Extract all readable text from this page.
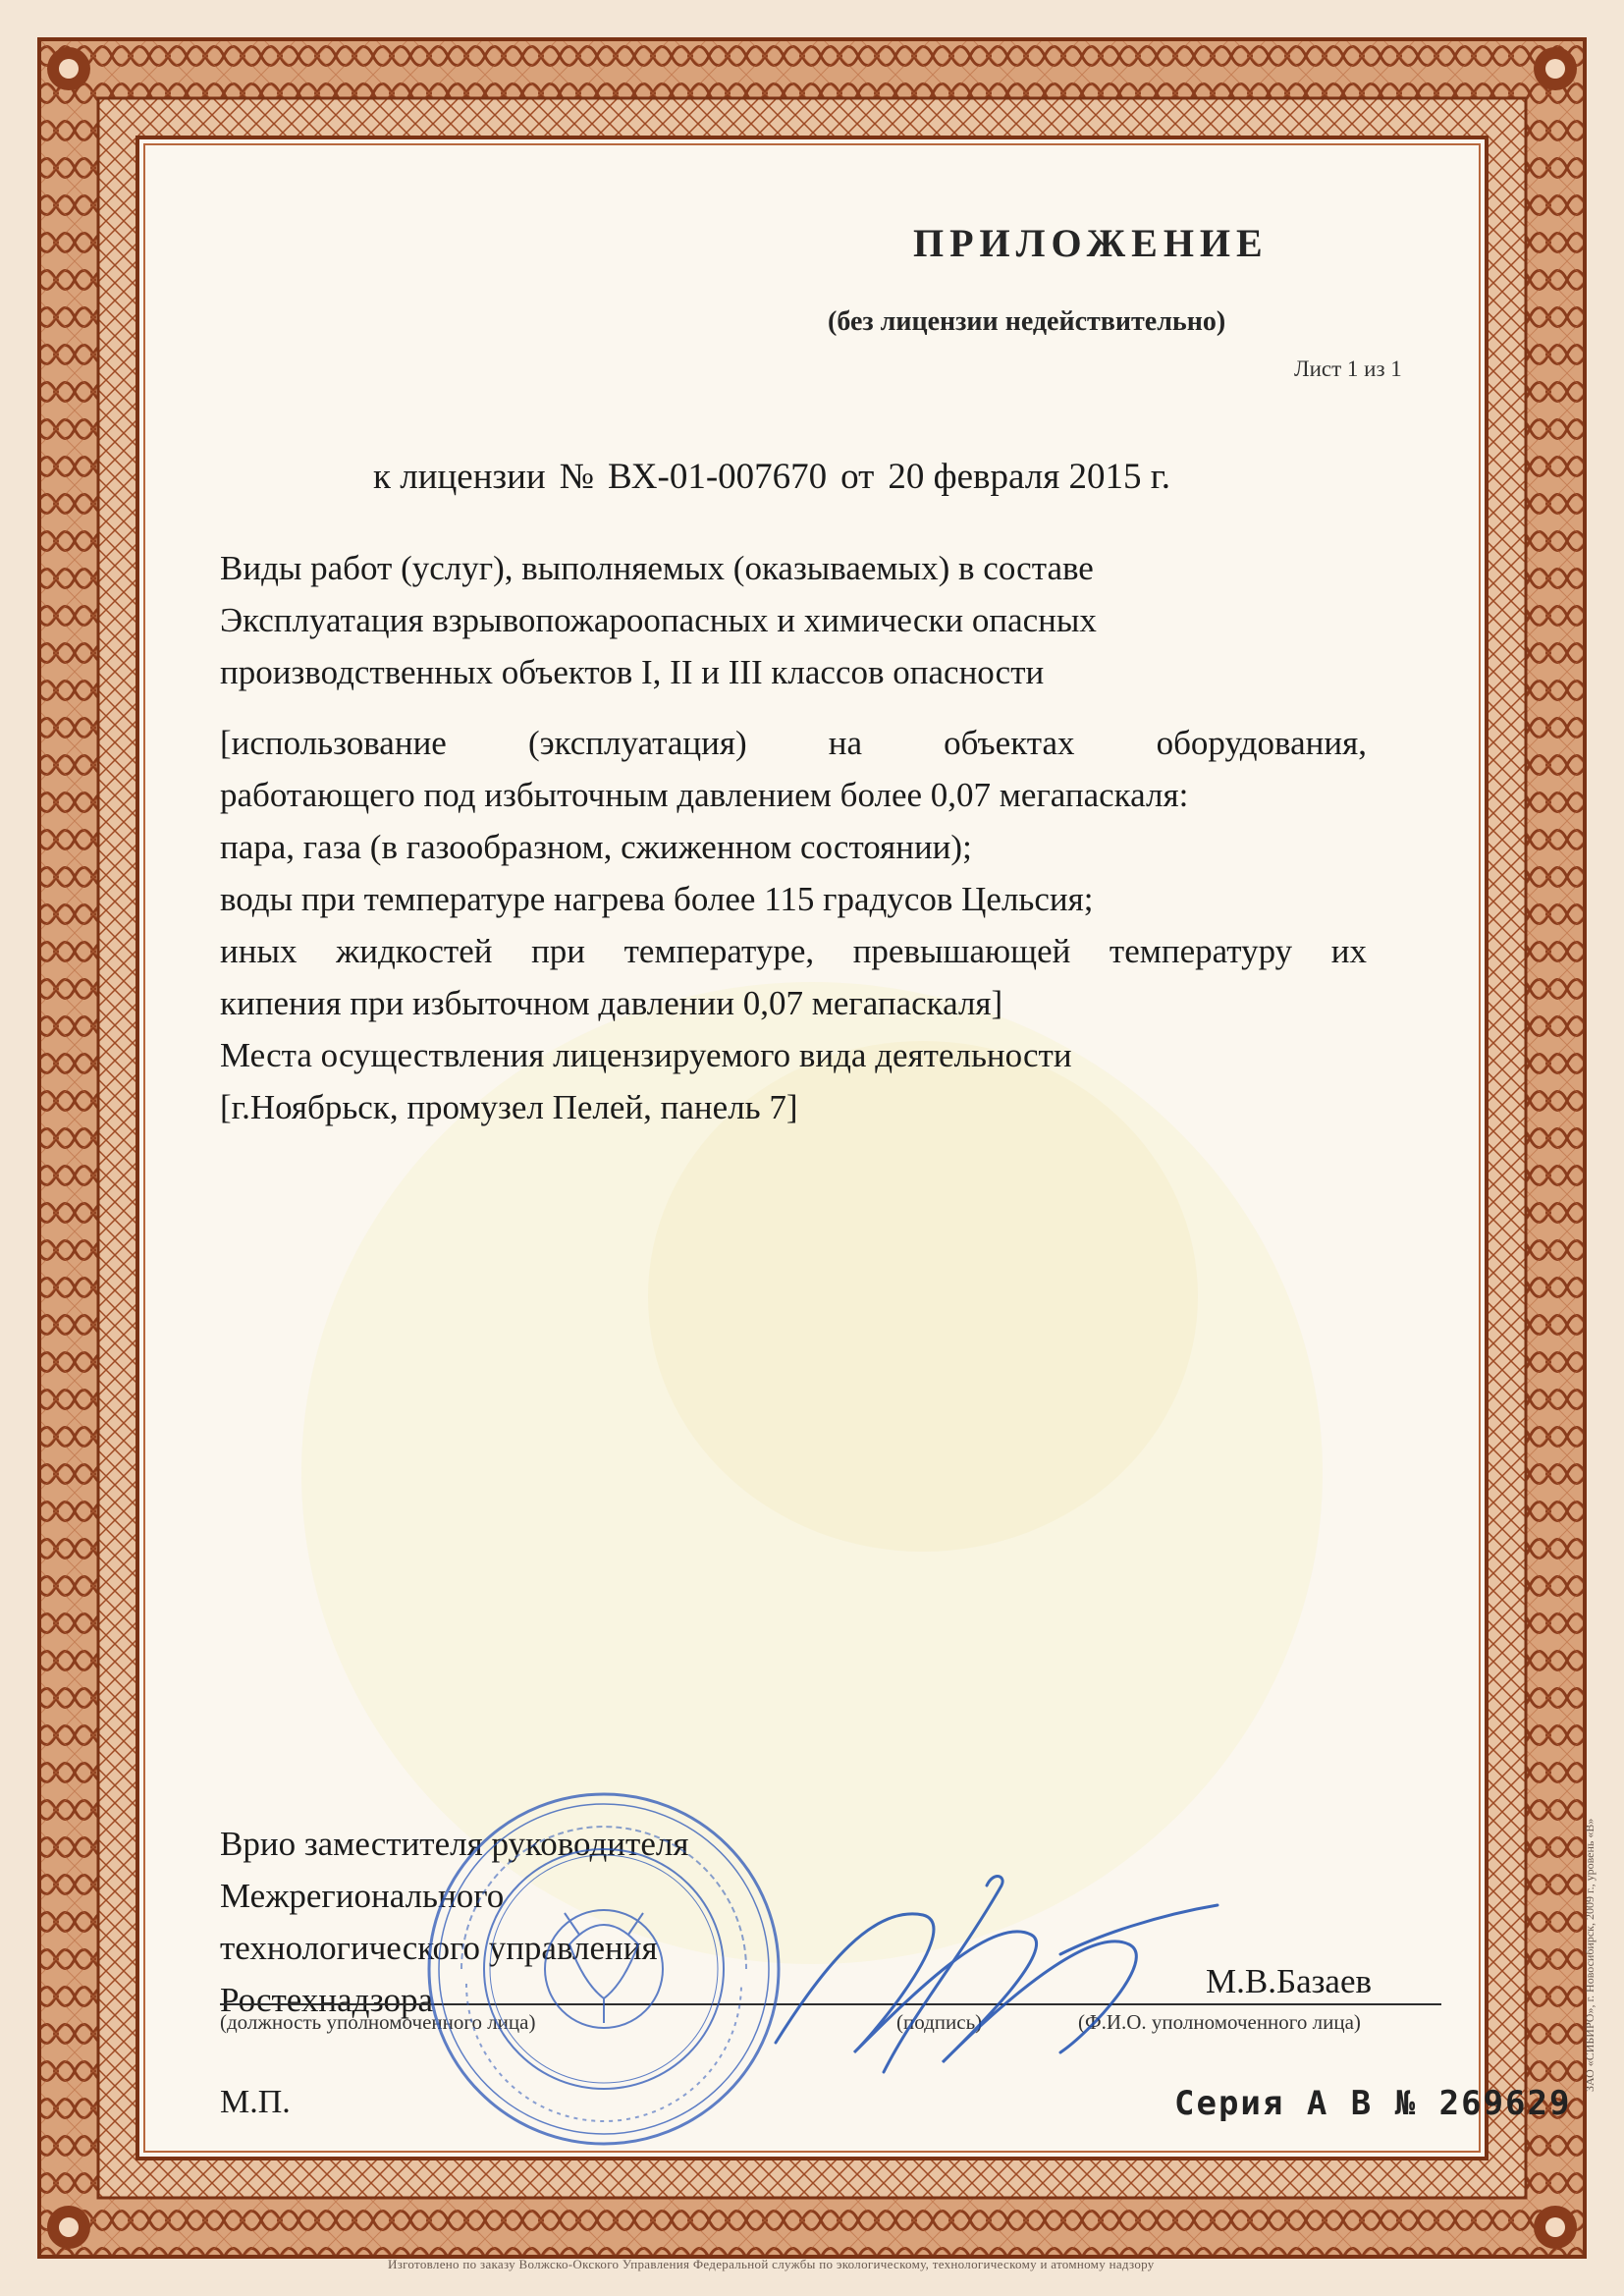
ПРИЛОЖЕНИЕ
(без лицензии недействительно)
Лист 1 из 1
к лицензии № ВХ-01-007670 от 20 февраля 2015 г.
Виды работ (услуг), выполняемых (оказываемых) в составе
Эксплуатация взрывопожароопасных и химически опасных
производственных объектов I, II и III классов опасности
[использование (эксплуатация) на объектах оборудования,
работающего под избыточным давлением более 0,07 мегапаскаля:
пара, газа (в газообразном, сжиженном состоянии);
воды при температуре нагрева более 115 градусов Цельсия;
иных жидкостей при температуре, превышающей температуру их
кипения при избыточном давлении 0,07 мегапаскаля]
Места осуществления лицензируемого вида деятельности
[г.Ноябрьск, промузел Пелей, панель 7]
Врио заместителя руководителя
Межрегионального
технологического управления
Ростехнадзора	М.В.Базаев
(должность уполномоченного лица)	(подпись)	(Ф.И.О. уполномоченного лица)
М.П.	Серия А В № 269629
Изготовлено по заказу Волжско-Окского Управления Федеральной службы по экологическому, технологическому и атомному надзору
ЗАО «СИБИРО», г. Новосибирск, 2009 г., уровень «В»
